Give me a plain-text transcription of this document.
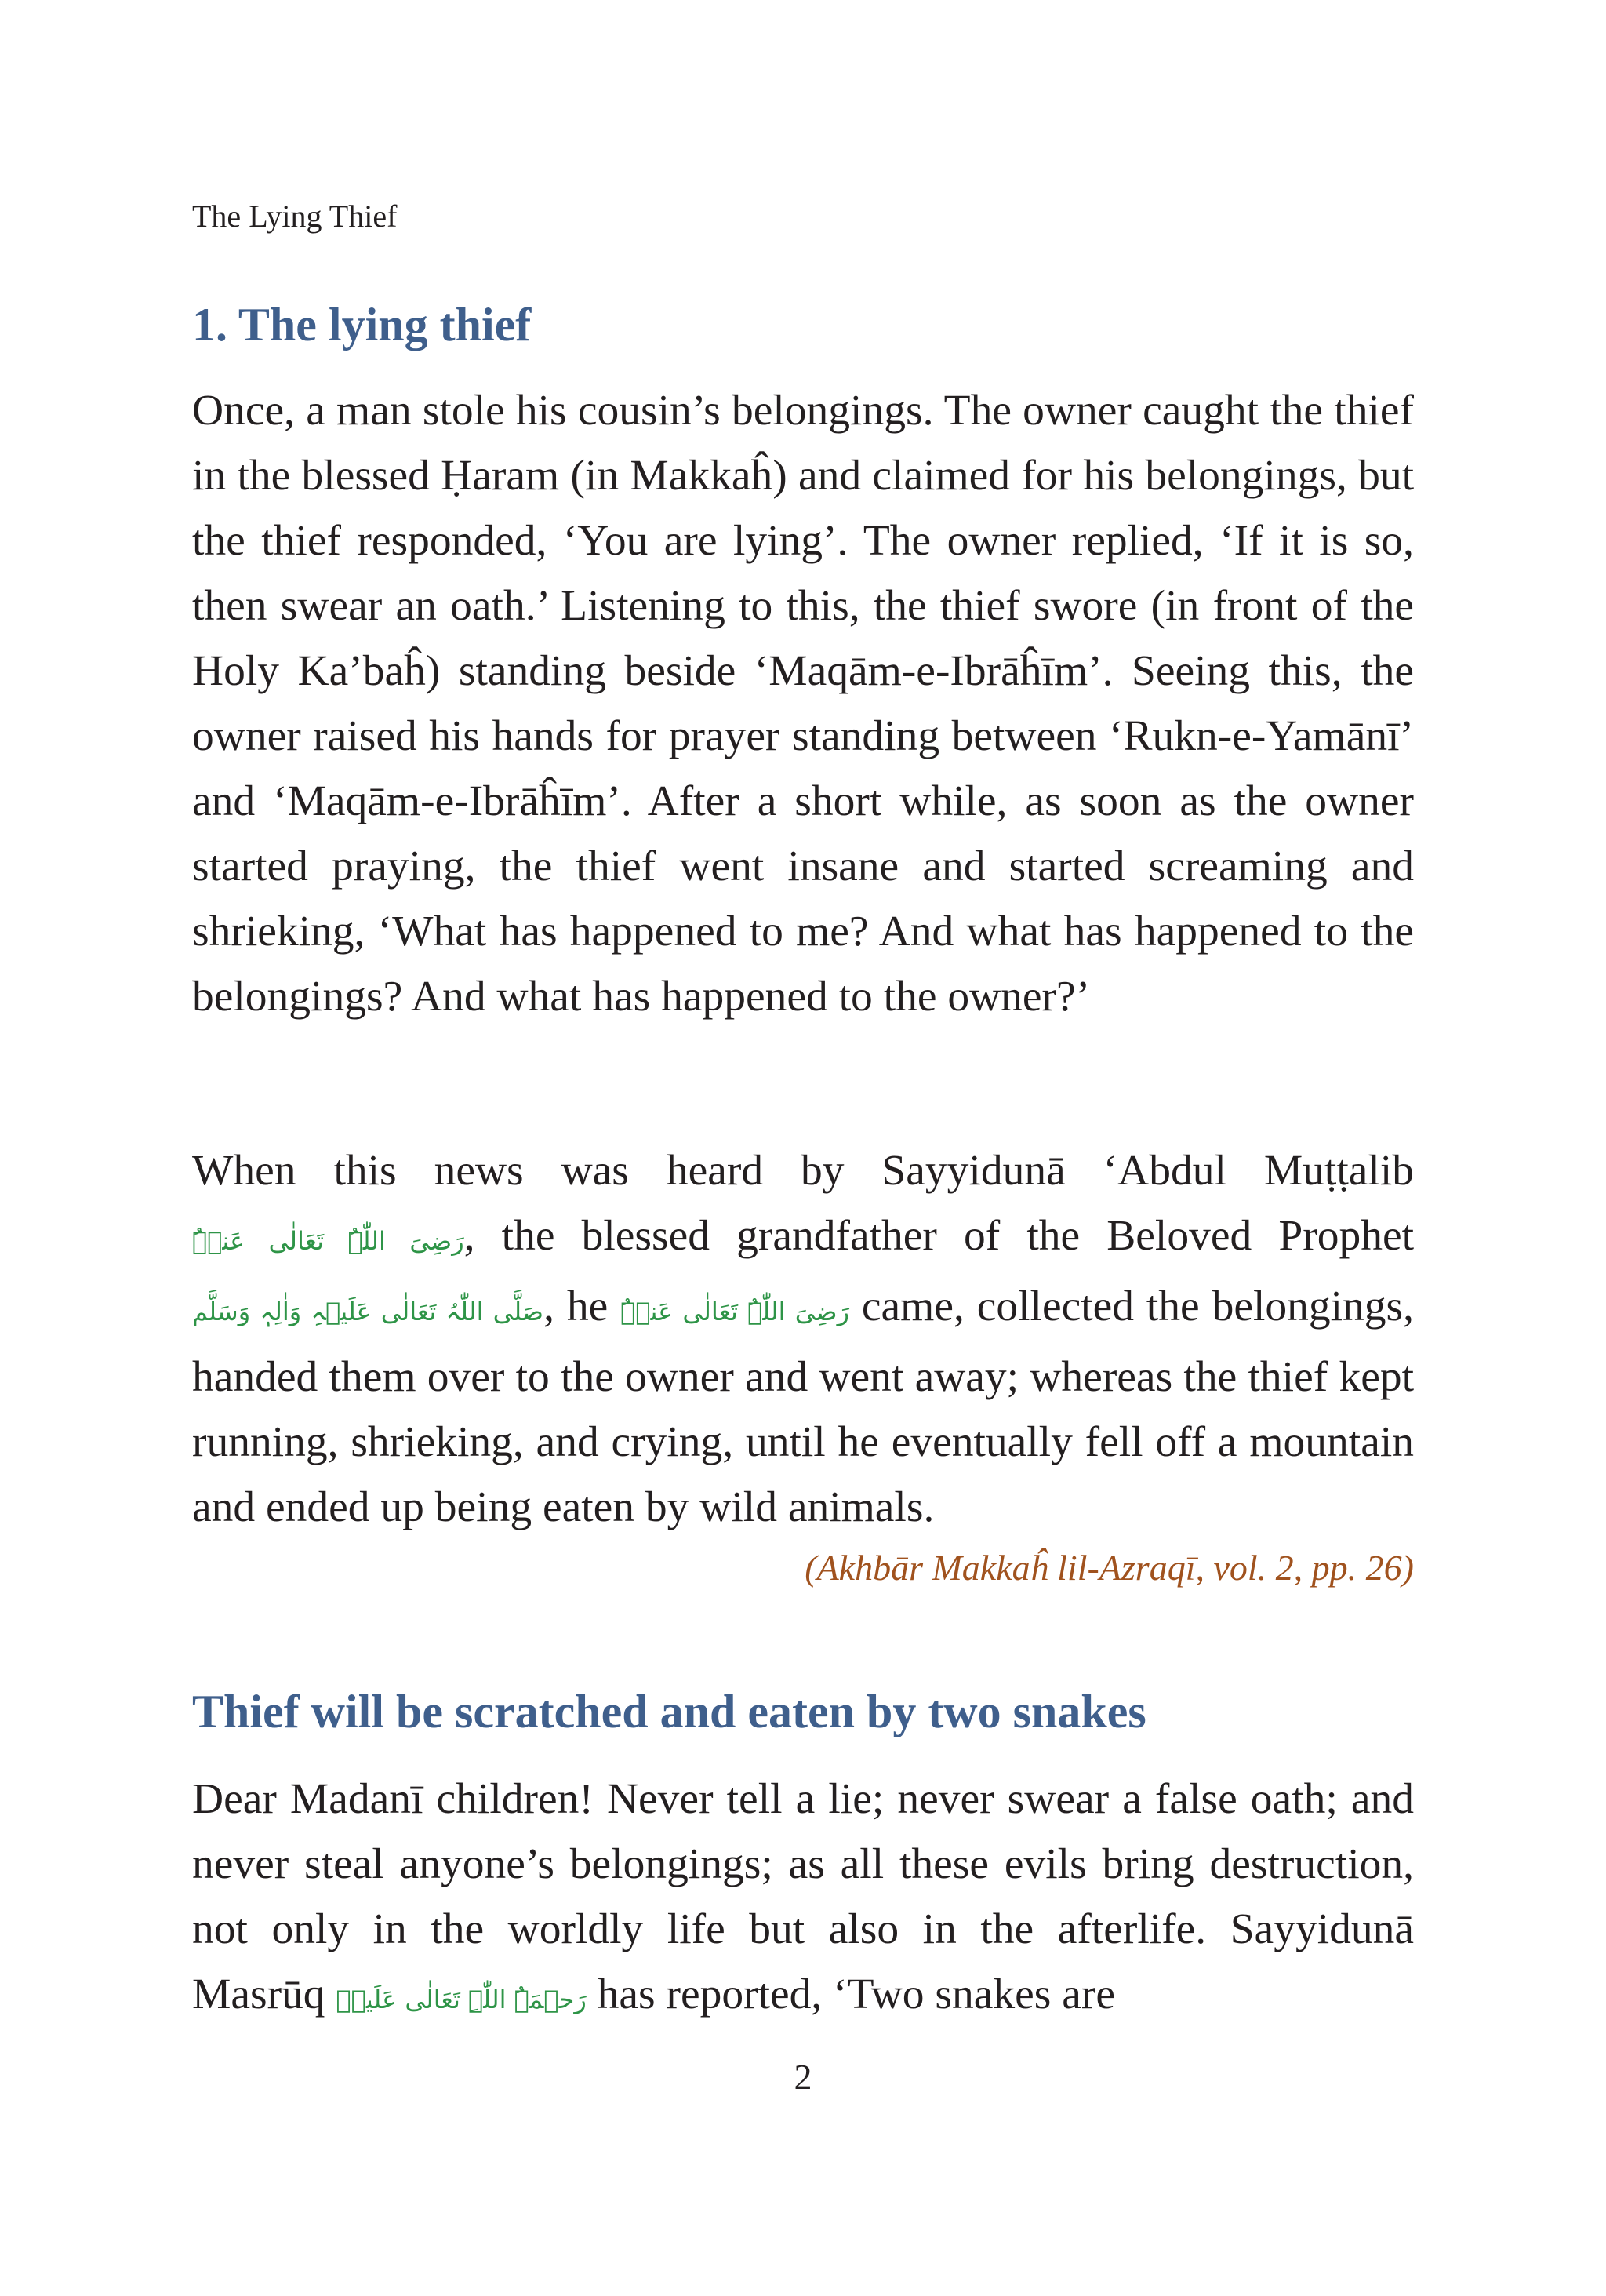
The Lying Thief
1. The lying thief

Once, a man stole his cousin’s belongings. The owner caught the thief in the blessed Ḥaram (in Makkaĥ) and claimed for his belongings, but the thief responded, ‘You are lying’. The owner replied, ‘If it is so, then swear an oath.’ Listening to this, the thief swore (in front of the Holy Ka’baĥ) standing beside ‘Maqām-e-Ibrāĥīm’. Seeing this, the owner raised his hands for prayer standing between ‘Rukn-e-Yamānī’ and ‘Maqām-e-Ibrāĥīm’. After a short while, as soon as the owner started praying, the thief went insane and started screaming and shrieking, ‘What has happened to me? And what has happened to the belongings? And what has happened to the owner?’

When this news was heard by Sayyidunā ‘Abdul Muṭṭalib رَضِیَ اللّٰہُ تَعَالٰی عَنۡہُ, the blessed grandfather of the Beloved Prophet صَلَّی اللّٰہُ تَعَالٰی عَلَیۡہِ وَاٰلِہٖ وَسَلَّم, he رَضِیَ اللّٰہُ تَعَالٰی عَنۡہُ came, collected the belongings, handed them over to the owner and went away; whereas the thief kept running, shrieking, and crying, until he eventually fell off a mountain and ended up being eaten by wild animals.

(Akhbār Makkaĥ lil-Azraqī, vol. 2, pp. 26)
Thief will be scratched and eaten by two snakes

Dear Madanī children! Never tell a lie; never swear a false oath; and never steal anyone’s belongings; as all these evils bring destruction, not only in the worldly life but also in the afterlife. Sayyidunā Masrūq رَحۡمَۃُ اللّٰہِ تَعَالٰی عَلَیۡہ has reported, ‘Two snakes are

2
